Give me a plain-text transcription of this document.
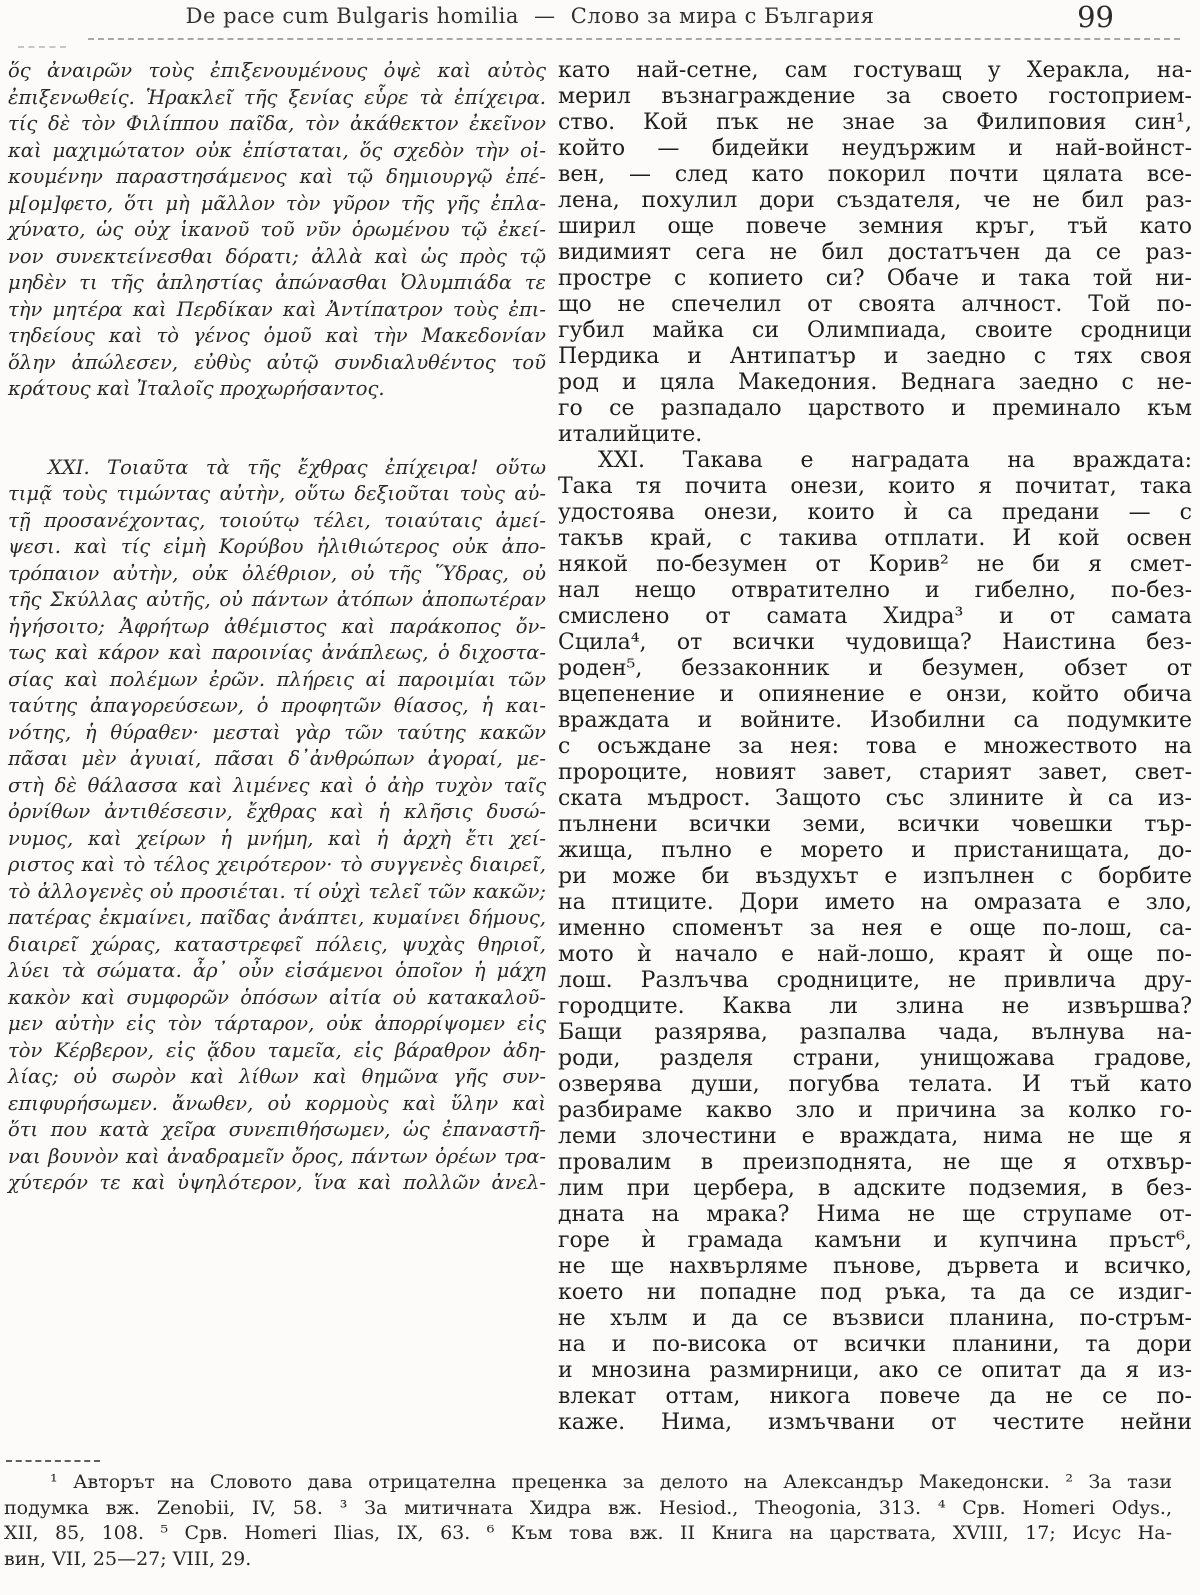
De pace cum Bulgaris homilia — Слово за мира с България	99
ὅς ἀναιρῶν τοὺς ἐπιξενουμένους ὀψὲ καὶ αὐτὸς
ἐπιξενωθείς. Ἡρακλεῖ τῆς ξενίας εὗρε τὰ ἐπίχειρα.
τίς δὲ τὸν Φιλίππου παῖδα, τὸν ἀκάθεκτον ἐκεῖνον
καὶ μαχιμώτατον οὐκ ἐπίσταται, ὅς σχεδὸν τὴν οἰ-
κουμένην παραστησάμενος καὶ τῷ δημιουργῷ ἐπέ-
μ[ομ]φετο, ὅτι μὴ μᾶλλον τὸν γῦρον τῆς γῆς ἐπλα-
χύνατο, ὡς οὐχ ἱκανοῦ τοῦ νῦν ὁρωμένου τῷ ἐκεί-
νον συνεκτείνεσθαι δόρατι; ἀλλὰ καὶ ὡς πρὸς τῷ
μηδὲν τι τῆς ἀπληστίας ἀπώνασθαι Ὀλυμπιάδα τε
τὴν μητέρα καὶ Περδίκαν καὶ Ἀντίπατρον τοὺς ἐπι-
τηδείους καὶ τὸ γένος ὁμοῦ καὶ τὴν Μακεδονίαν
ὅλην ἀπώλεσεν, εὐθὺς αὐτῷ συνδιαλυθέντος τοῦ
κράτους καὶ Ἰταλοῖς προχωρήσαντος.
XXI. Τοιαῦτα τὰ τῆς ἔχθρας ἐπίχειρα! οὕτω
τιμᾷ τοὺς τιμώντας αὐτὴν, οὕτω δεξιοῦται τοὺς αὐ-
τῇ προσανέχοντας, τοιούτῳ τέλει, τοιαύταις ἀμεί-
ψεσι. καὶ τίς εἰμὴ Κορύβου ἠλιθιώτερος οὐκ ἀπο-
τρόπαιον αὐτὴν, οὐκ ὀλέθριον, οὐ τῆς Ὕδρας, οὐ
τῆς Σκύλλας αὐτῆς, οὐ πάντων ἀτόπων ἀποπωτέραν
ἡγήσοιτο; Ἀφρήτωρ ἀθέμιστος καὶ παράκοπος ὄν-
τως καὶ κάρον καὶ παροινίας ἀνάπλεως, ὁ διχοστα-
σίας καὶ πολέμων ἐρῶν. πλήρεις αἱ παροιμίαι τῶν
ταύτης ἀπαγορεύσεων, ὁ προφητῶν θίασος, ἡ και-
νότης, ἡ θύραθεν· μεσταὶ γὰρ τῶν ταύτης κακῶν
πᾶσαι μὲν ἀγυιαί, πᾶσαι δ᾽ἀνθρώπων ἀγοραί, με-
στὴ δὲ θάλασσα καὶ λιμένες καὶ ὁ ἀὴρ τυχὸν ταῖς
ὀρνίθων ἀντιθέσεσιν, ἔχθρας καὶ ἡ κλῆσις δυσώ-
νυμος, καὶ χείρων ἡ μνήμη, καὶ ἡ ἀρχὴ ἔτι χεί-
ριστος καὶ τὸ τέλος χειρότερον· τὸ συγγενὲς διαιρεῖ,
τὸ ἀλλογενὲς οὐ προσιέται. τί οὐχὶ τελεῖ τῶν κακῶν;
πατέρας ἐκμαίνει, παῖδας ἀνάπτει, κυμαίνει δήμους,
διαιρεῖ χώρας, καταστρεφεῖ πόλεις, ψυχὰς θηριοῖ,
λύει τὰ σώματα. ἆρ᾽ οὖν εἰσάμενοι ὁποῖον ἡ μάχη
κακὸν καὶ συμφορῶν ὁπόσων αἰτία οὐ κατακαλοῦ-
μεν αὐτὴν εἰς τὸν τάρταρον, οὐκ ἀπορρίψομεν εἰς
τὸν Κέρβερον, εἰς ᾅδου ταμεῖα, εἰς βάραθρον ἀδη-
λίας; οὐ σωρὸν καὶ λίθων καὶ θημῶνα γῆς συν-
επιφυρήσωμεν. ἄνωθεν, οὐ κορμοὺς καὶ ὕλην καὶ
ὅτι που κατὰ χεῖρα συνεπιθήσωμεν, ὡς ἐπαναστῆ-
ναι βουνὸν καὶ ἀναδραμεῖν ὄρος, πάντων ὀρέων τρα-
χύτερόν τε καὶ ὑψηλότερον, ἵνα καὶ πολλῶν ἀνελ-
като най-сетне, сам гостуващ у Херакла, на-
мерил възнаграждение за своето гостоприем-
ство. Кой пък не знае за Филиповия син¹,
който — бидейки неудържим и най-войнст-
вен, — след като покорил почти цялата все-
лена, похулил дори създателя, че не бил раз-
ширил още повече земния кръг, тъй като
видимият сега не бил достатъчен да се раз-
простре с копието си? Обаче и така той ни-
що не спечелил от своята алчност. Той по-
губил майка си Олимпиада, своите сродници
Пердика и Антипатър и заедно с тях своя
род и цяла Македония. Веднага заедно с не-
го се разпадало царството и преминало към
италийците.
XXI. Такава е наградата на враждата:
Така тя почита онези, които я почитат, така
удостоява онези, които ѝ са предани — с
такъв край, с такива отплати. И кой освен
някой по-безумен от Корив² не би я смет-
нал нещо отвратително и гибелно, по-без-
смислено от самата Хидра³ и от самата
Сцила⁴, от всички чудовища? Наистина без-
роден⁵, беззаконник и безумен, обзет от
вцепенение и опиянение е онзи, който обича
враждата и войните. Изобилни са подумките
с осъждане за нея: това е множеството на
пророците, новият завет, старият завет, свет-
ската мъдрост. Защото със злините ѝ са из-
пълнени всички земи, всички човешки тър-
жища, пълно е морето и пристанищата, до-
ри може би въздухът е изпълнен с борбите
на птиците. Дори името на омразата е зло,
именно споменът за нея е още по-лош, са-
мото ѝ начало е най-лошо, краят ѝ още по-
лош. Разлъчва сродниците, не привлича дру-
городците. Каква ли злина не извършва?
Бащи разярява, разпалва чада, вълнува на-
роди, разделя страни, унищожава градове,
озверява души, погубва телата. И тъй като
разбираме какво зло и причина за колко го-
леми злочестини е враждата, нима не ще я
провалим в преизподнята, не ще я отхвър-
лим при цербера, в адските подземия, в без-
дната на мрака? Нима не ще струпаме от-
горе ѝ грамада камъни и купчина пръст⁶,
не ще нахвърляме пънове, дървета и всичко,
което ни попадне под ръка, та да се издиг-
не хълм и да се възвиси планина, по-стръм-
на и по-висока от всички планини, та дори
и мнозина размирници, ако се опитат да я из-
влекат оттам, никога повече да не се по-
каже. Нима, измъчвани от честите нейни
¹ Авторът на Словото дава отрицателна преценка за делото на Александър Македонски. ² За тази
подумка вж. Zenobii, IV, 58. ³ За митичната Хидра вж. Hesiod., Theogonia, 313. ⁴ Срв. Homeri Odys.,
XII, 85, 108. ⁵ Срв. Homeri Ilias, IX, 63. ⁶ Към това вж. II Книга на царствата, XVIII, 17; Исус На-
вин, VII, 25—27; VIII, 29.
